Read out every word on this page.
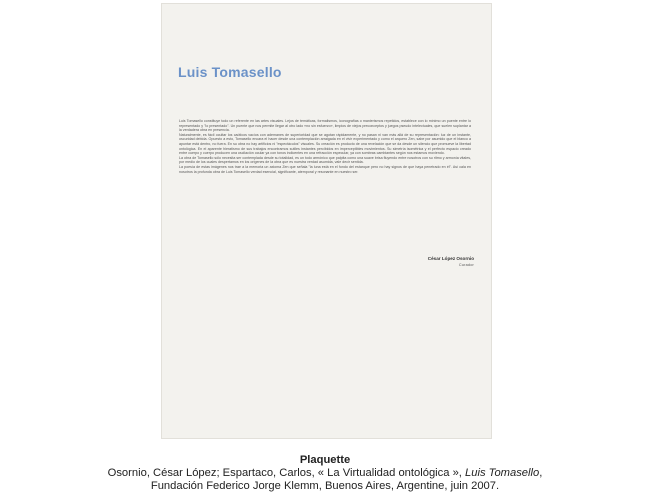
Luis Tomasello

Luis Tomasello constituye todo un referente en las artes visuales. Lejos de temáticas, formalismos, iconografías o manierismos repetidos, establece con lo mínimo un puente entre lo representado y "lo presentado". Un puente que nos permite llegar al otro lado «no sin esfuerzo», limpios de viejos preconceptos y juegos pseudo intelectuales, que suelen suplantar a la verdadera obra en presencia.

Naturalmente, es fácil ocultar los caóticos vacíos con ademanes de superioridad que se agotan rápidamente, y no pasan ni van más allá de su representación: luz de un instante, oscuridad debida. Opuesto a esto, Tomasello encara el hacer desde una contemplación arraigada en el vivir experimentado y como el arquero Zen, sabe por asumido que el blanco a apuntar está dentro, no fuera. En su obra no hay artificios ni "espectáculos" visuales. Su creación es producto de una revelación que se da desde un silencio que promueve la libertad ontológica. En el aparente hieratismo de sus trabajos encontramos sutiles instantes percibidos en imperceptibles movimientos. Su simetría isométrica y el perfecto espacio creado entre cuerpo y cuerpo producen una oscilación ocular ya con tonos indicentes en una refracción especular, ya con sombras cambiantes según nos estamos moviendo.

La obra de Tomasello sólo necesita ser contemplada desde su totalidad, es un todo armónico que palpita como una suave brisa fluyendo entre nosotros con su ritmo y armonía vitales, por medio de los cuales despertamos en los orígenes de la obra que es nuestra verdad asumida, vale decir sentida.

La poesía de estas imágenes nos trae a la memoria un axioma Zen que señala "la luna está en el fondo del estanque pero no hay signos de que haya penetrado en él". Así cala en nosotros la profunda obra de Luis Tomasello verdad esencial, significante, atemporal y resonante en nuestro ser.

César López Osornio
Curador
Plaquette
Osornio, César López; Espartaco, Carlos, « La Virtualidad ontológica », Luis Tomasello,
Fundación Federico Jorge Klemm, Buenos Aires, Argentine, juin 2007.
